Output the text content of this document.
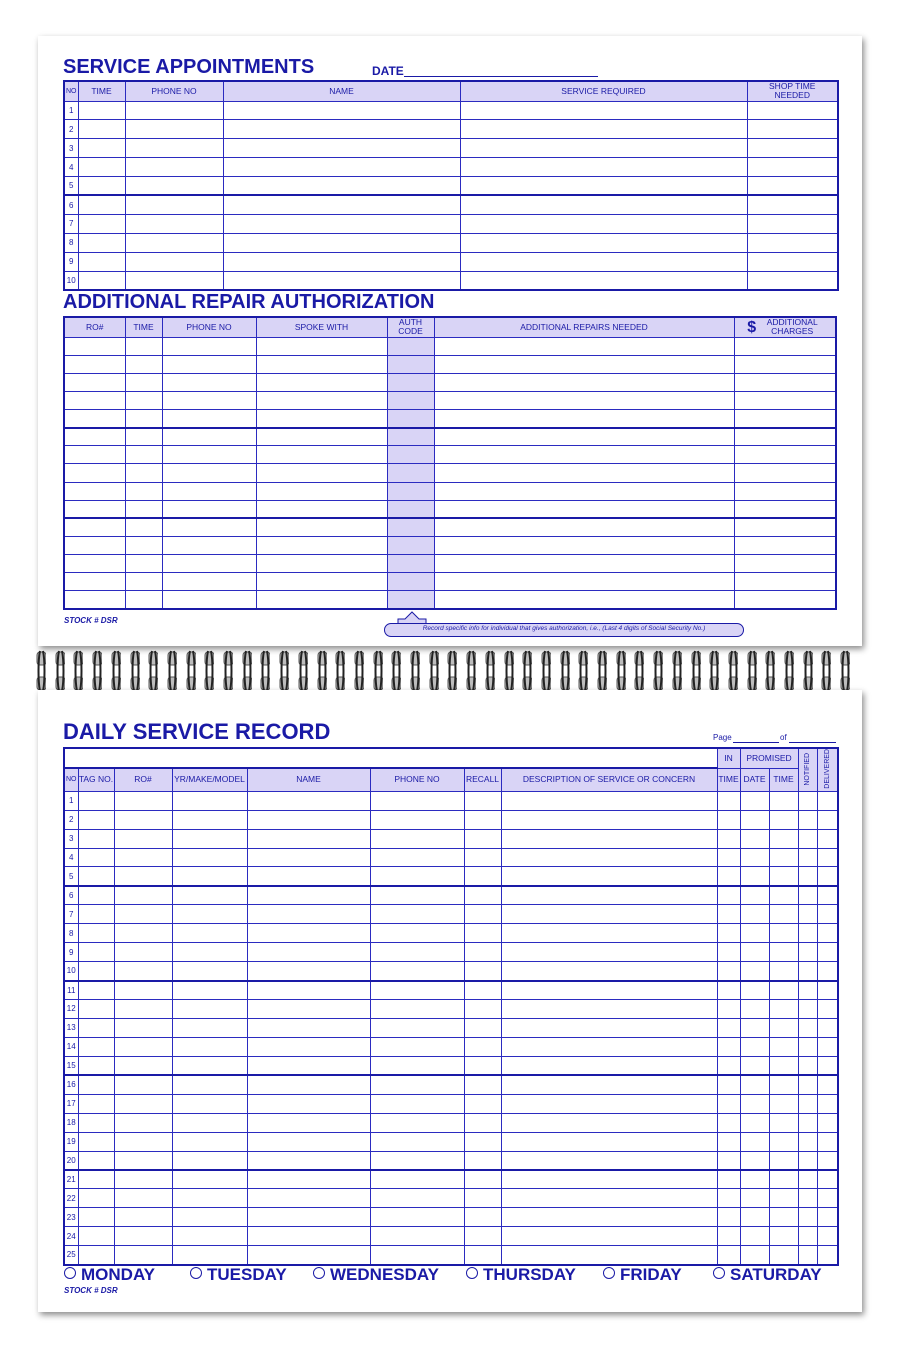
SERVICE APPOINTMENTS	DATE
NO	TIME	PHONE NO	NAME	SERVICE REQUIRED	SHOP TIME NEEDED
1					
2					
3					
4					
5					
6					
7					
8					
9					
10					
ADDITIONAL REPAIR AUTHORIZATION
RO#	TIME	PHONE NO	SPOKE WITH	AUTH CODE	ADDITIONAL REPAIRS NEEDED	$ ADDITIONAL CHARGES

STOCK # DSR
Record specific info for individual that gives authorization, i.e., (Last 4 digits of Social Security No.)
DAILY SERVICE RECORD	Page	of
								IN	PROMISED		NOTIFIED	DELIVERED
NO	TAG NO.	RO#	YR/MAKE/MODEL	NAME	PHONE NO	RECALL	DESCRIPTION OF SERVICE OR CONCERN	TIME	DATE	TIME		
1												
2												
3												
4												
5												
6												
7												
8												
9												
10												
11												
12												
13												
14												
15												
16												
17												
18												
19												
20												
21												
22												
23												
24												
25												
MONDAY	TUESDAY	WEDNESDAY	THURSDAY	FRIDAY	SATURDAY
STOCK # DSR
